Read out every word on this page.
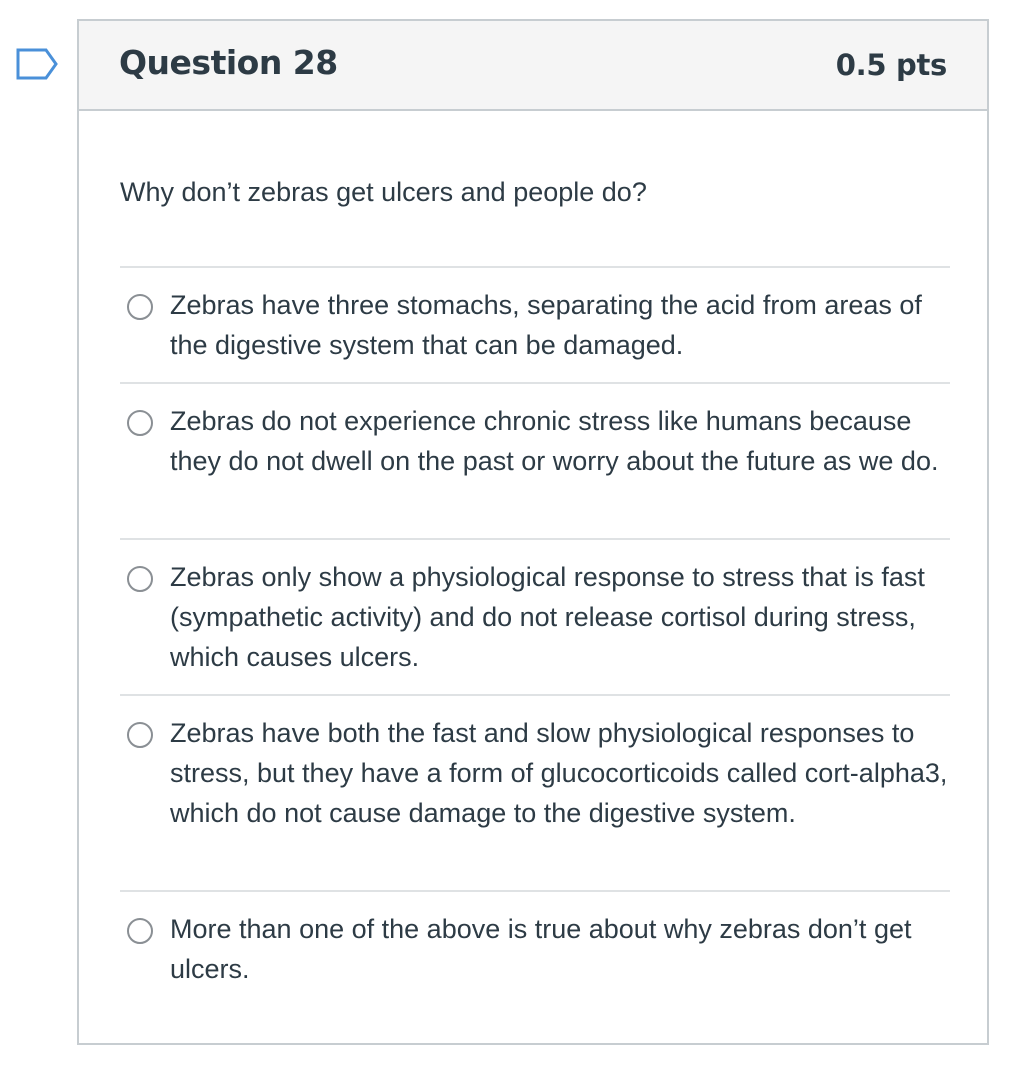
Question 28	0.5 pts

Why don’t zebras get ulcers and people do?

Zebras have three stomachs, separating the acid from areas of the digestive system that can be damaged.
Zebras do not experience chronic stress like humans because they do not dwell on the past or worry about the future as we do.
Zebras only show a physiological response to stress that is fast (sympathetic activity) and do not release cortisol during stress, which causes ulcers.
Zebras have both the fast and slow physiological responses to stress, but they have a form of glucocorticoids called cort-alpha3, which do not cause damage to the digestive system.
More than one of the above is true about why zebras don’t get ulcers.
